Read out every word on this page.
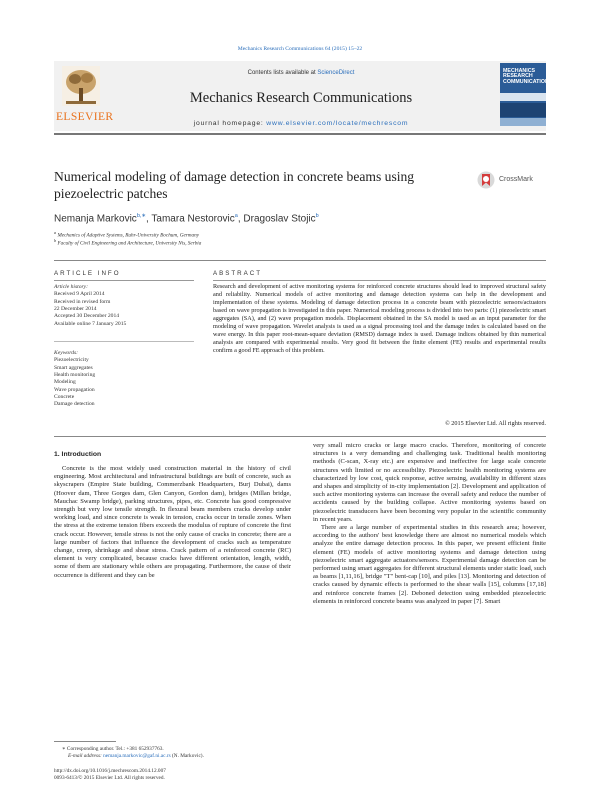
Mechanics Research Communications 64 (2015) 15–22
ELSEVIER
Contents lists available at ScienceDirect
Mechanics Research Communications
journal homepage: www.elsevier.com/locate/mechrescom
MECHANICS RESEARCH COMMUNICATIONS
Numerical modeling of damage detection in concrete beams using piezoelectric patches
CrossMark
Nemanja Markovic$^{b,∗}$, Tamara Nestorovic$^a$, Dragoslav Stojic$^b$
$^a$ Mechanics of Adaptive Systems, Ruhr-University Bochum, Germany
$^b$ Faculty of Civil Engineering and Architecture, University Nis, Serbia
ARTICLE INFO
Article history:
Received 9 April 2014
Received in revised form
22 December 2014
Accepted 30 December 2014
Available online 7 January 2015
Keywords:
Piezoelectricity
Smart aggregates
Health monitoring
Modeling
Wave propagation
Concrete
Damage detection
ABSTRACT
Research and development of active monitoring systems for reinforced concrete structures should lead to improved structural safety and reliability. Numerical models of active monitoring and damage detection systems can help in the development and implementation of these systems. Modeling of damage detection process in a concrete beam with piezoelectric sensors/actuators based on wave propagation is investigated in this paper. Numerical modeling process is divided into two parts: (1) piezoelectric smart aggregates (SA), and (2) wave propagation models. Displacement obtained in the SA model is used as an input parameter for the modeling of wave propagation. Wavelet analysis is used as a signal processing tool and the damage index is calculated based on the wave energy. In this paper root-mean-square deviation (RMSD) damage index is used. Damage indices obtained by thin numerical analysis are compared with experimental results. Very good fit between the finite element (FE) results and experimental results confirm a good FE approach of this problem.
© 2015 Elsevier Ltd. All rights reserved.
1. Introduction

Concrete is the most widely used construction material in the history of civil engineering. Most architectural and infrastructural buildings are built of concrete, such as skyscrapers (Empire State building, Commerzbank Headquarters, Burj Dubai), dams (Hoover dam, Three Gorges dam, Glen Canyon, Gordon dam), bridges (Millan bridge, Mauchac Swamp bridge), parking structures, pipes, etc. Concrete has good compressive strength but very low tensile strength. In flexural beam members cracks develop under working load, and since concrete is weak in tension, cracks occur in tensile zones. When the stress at the extreme tension fibers exceeds the modulus of rupture of concrete the first crack occur. However, tensile stress is not the only cause of cracks in concrete; there are a large number of factors that influence the development of cracks such as temperature change, creep, shrinkage and shear stress. Crack pattern of a reinforced concrete (RC) element is very complicated, because cracks have different orientation, length, width, some of them are stationary while others are propagating. Furthermore, the cause of their occurrence is different and they can be

very small micro cracks or large macro cracks. Therefore, monitoring of concrete structures is a very demanding and challenging task. Traditional health monitoring methods (C-scan, X-ray etc.) are expensive and ineffective for large scale concrete structures with limited or no accessibility. Piezoelectric health monitoring systems are characterized by low cost, quick response, active sensing, availability in different sizes and shapes and simplicity of in-city implementation [2]. Development and application of such active monitoring systems can increase the overall safety and reduce the number of accidents caused by the building collapse. Active monitoring systems based on piezoelectric transducers have been becoming very popular in the scientific community in recent years.

There are a large number of experimental studies in this research area; however, according to the authors' best knowledge there are almost no numerical models which analyze the entire damage detection process. In this paper, we present efficient finite element (FE) models of active monitoring systems and damage detection using piezoelectric smart aggregate actuators/sensors. Experimental damage detection can be performed using smart aggregates for different structural elements under static load, such as beams [1,11,16], bridge "T" bent-cap [10], and piles [13]. Monitoring and detection of cracks caused by dynamic effects is performed to the shear walls [15], columns [17,18] and reinforce concrete frames [2]. Deboned detection using embedded piezoelectric elements in reinforced concrete beams was analyzed in paper [7]. Smart

∗ Corresponding author. Tel.: +381 652937763.
E-mail address: nemanja.markovic@gaf.ni.ac.rs (N. Markovic).
http://dx.doi.org/10.1016/j.mechrescom.2014.12.007
0093-6413/© 2015 Elsevier Ltd. All rights reserved.
